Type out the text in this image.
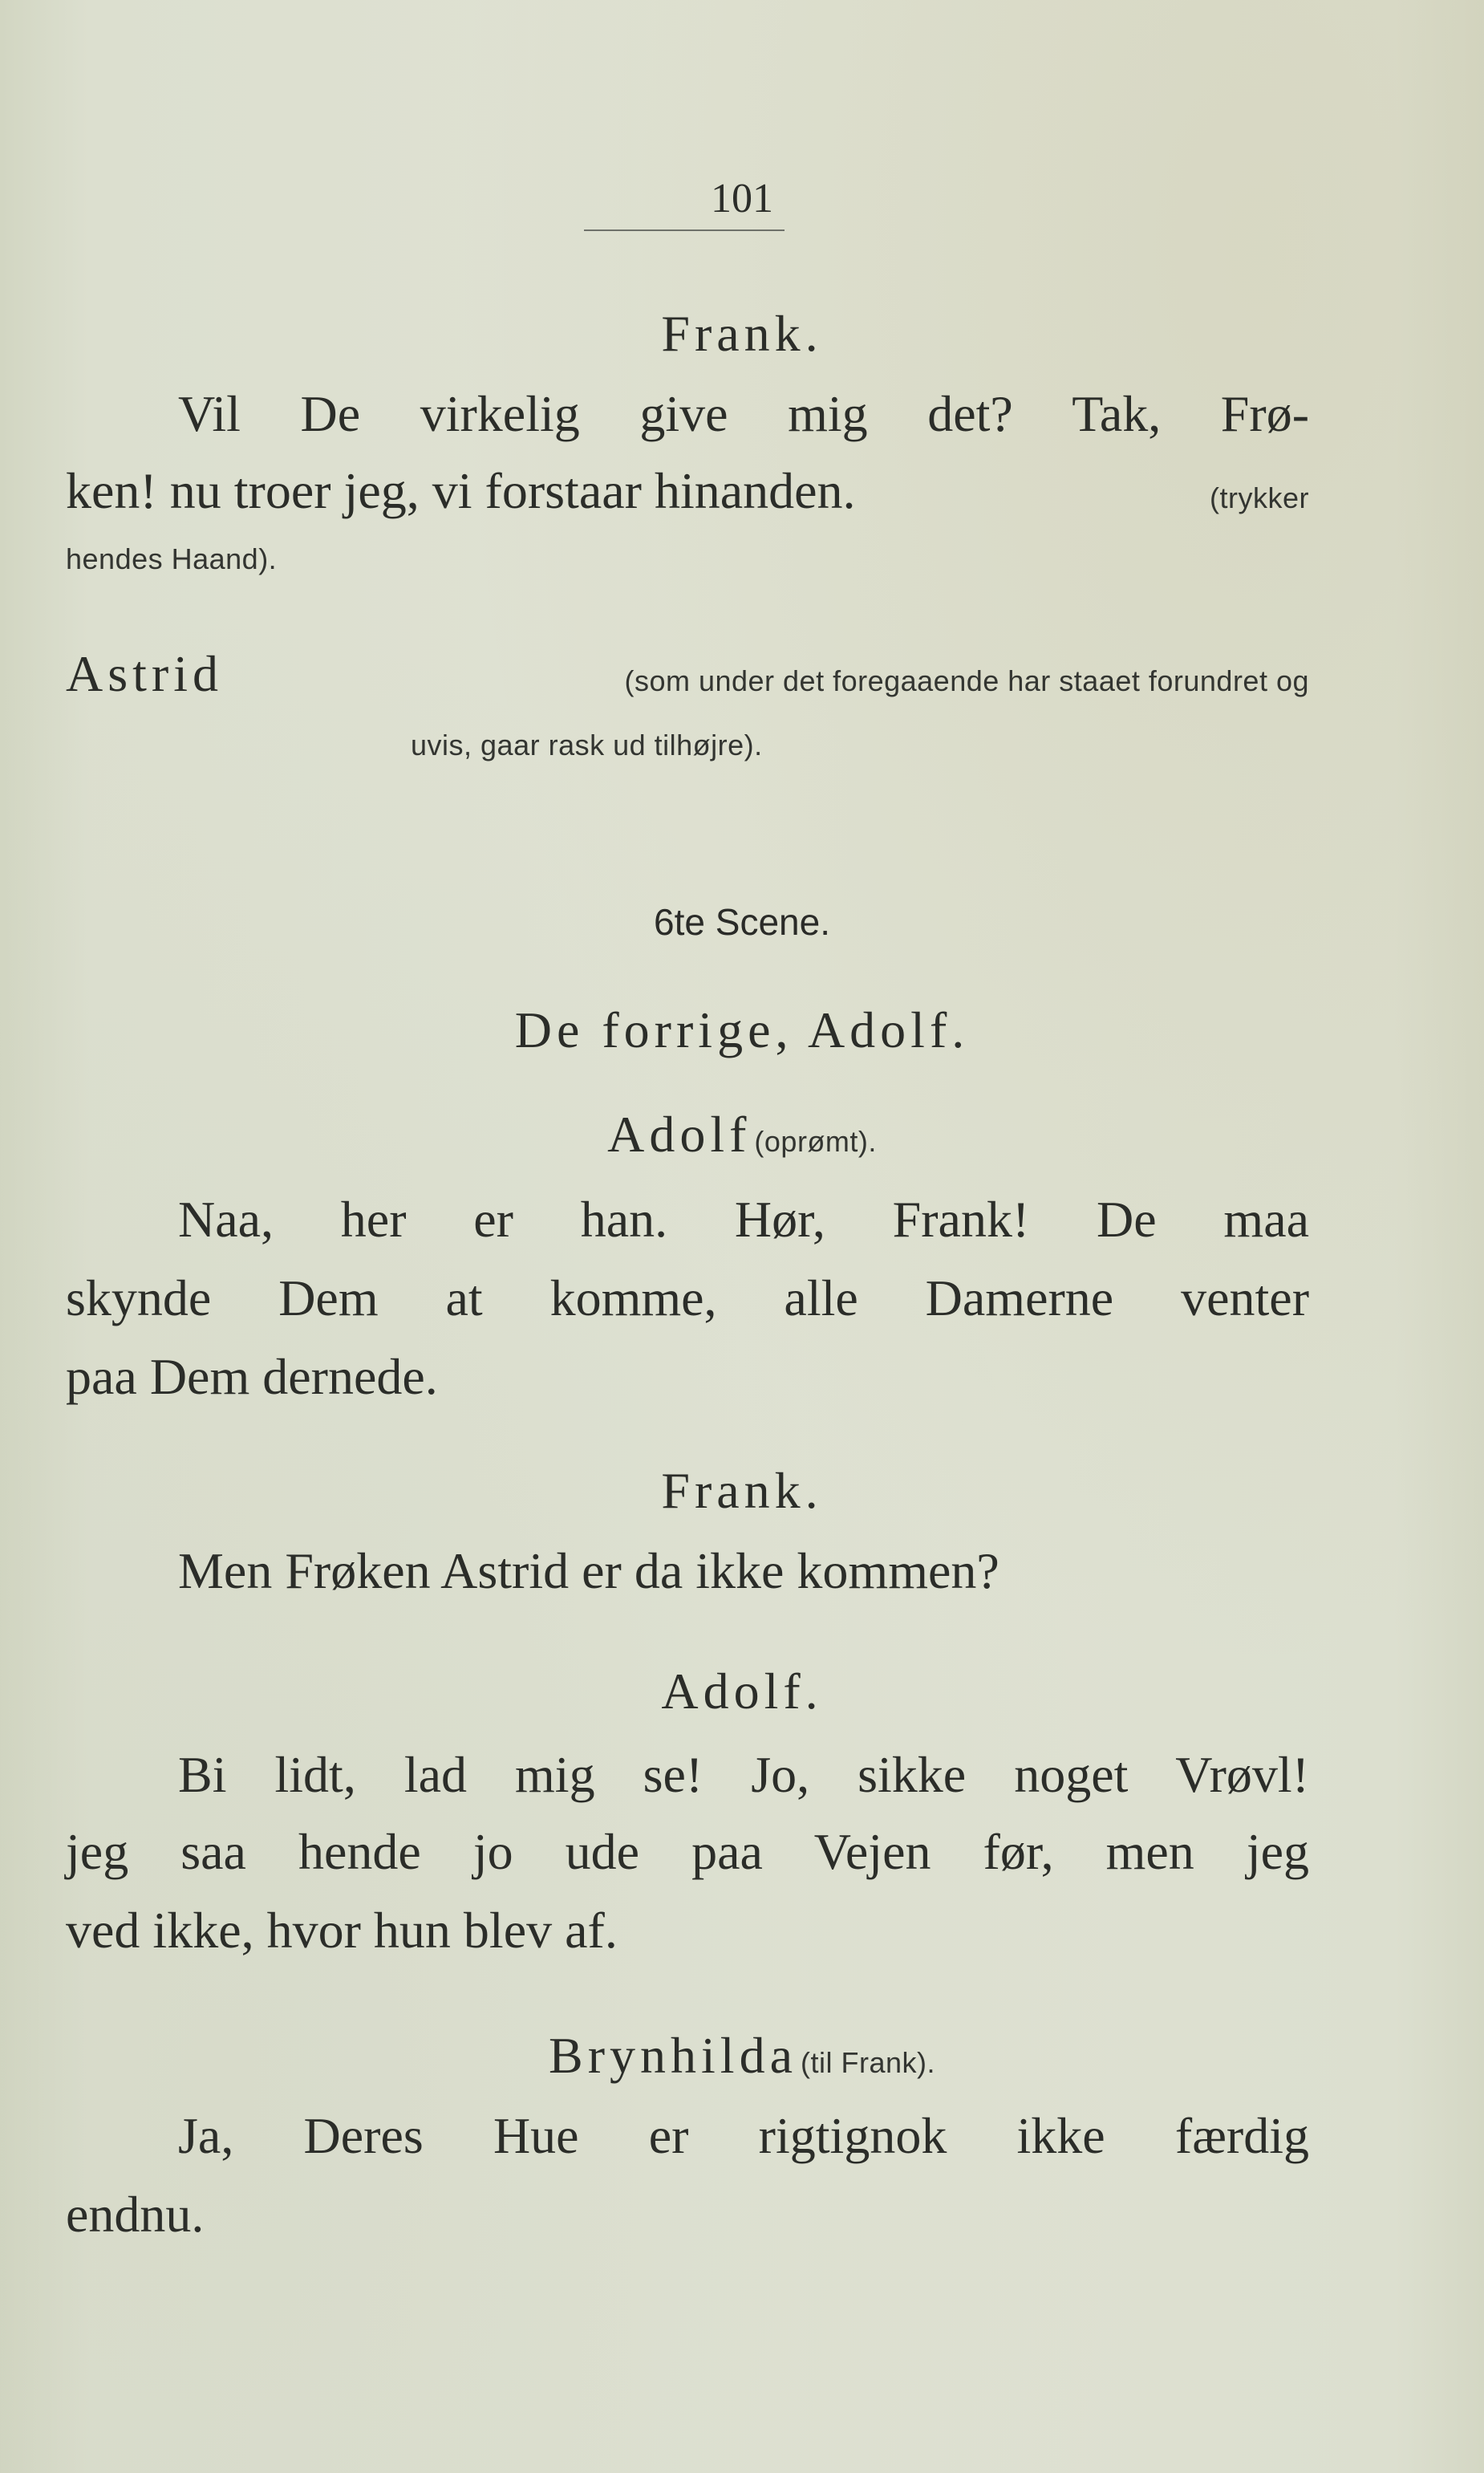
101
Frank.
Vil De virkelig give mig det? Tak, Frø-
ken! nu troer jeg, vi forstaar hinanden.	(trykker
hendes Haand).
Astrid	(som under det foregaaende har staaet forundret og
uvis, gaar rask ud tilhøjre).
6te Scene.
De forrige, Adolf.
Adolf (oprømt).
Naa, her er han. Hør, Frank! De maa
skynde Dem at komme, alle Damerne venter
paa Dem dernede.
Frank.
Men Frøken Astrid er da ikke kommen?
Adolf.
Bi lidt, lad mig se! Jo, sikke noget Vrøvl!
jeg saa hende jo ude paa Vejen før, men jeg
ved ikke, hvor hun blev af.
Brynhilda (til Frank).
Ja, Deres Hue er rigtignok ikke færdig
endnu.
